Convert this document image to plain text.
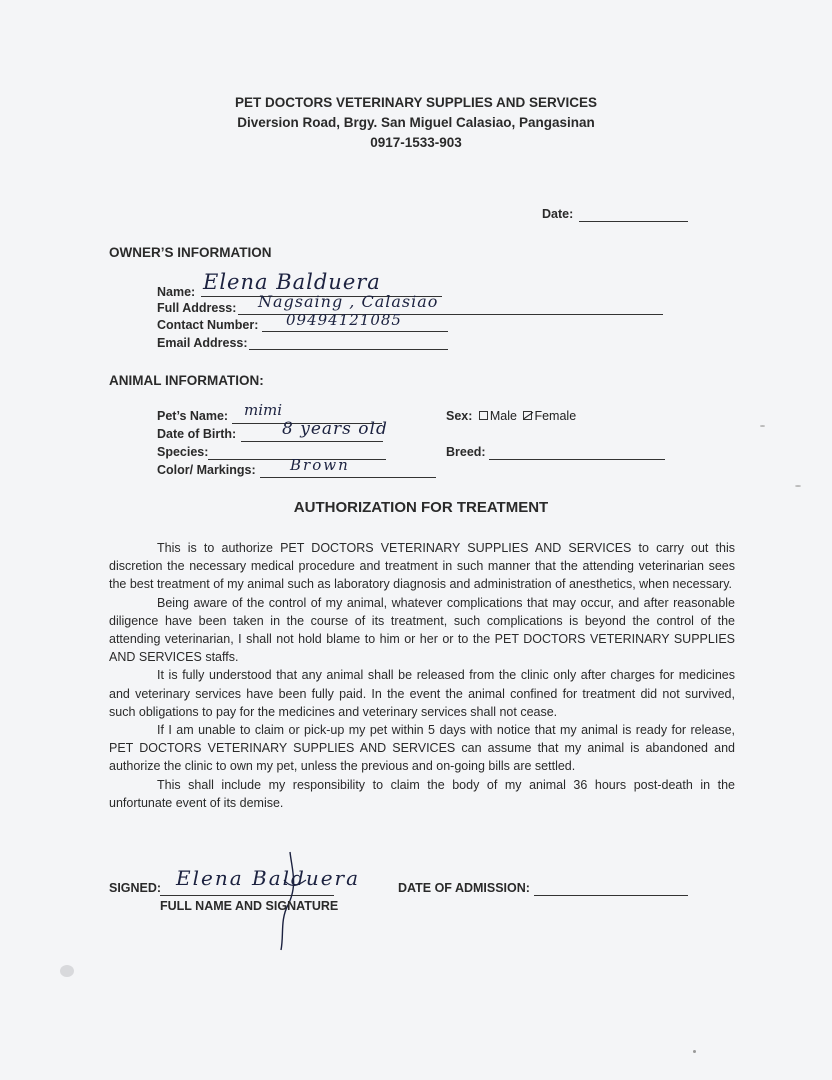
PET DOCTORS VETERINARY SUPPLIES AND SERVICES
Diversion Road, Brgy. San Miguel Calasiao, Pangasinan
0917-1533-903
Date:
OWNER’S INFORMATION
Name: Elena Balduera
Full Address: Nagsaing , Calasiao
Contact Number: 09494121085
Email Address:
ANIMAL INFORMATION:
Pet’s Name: mimi
Date of Birth:	8 years old
Species:
Color/ Markings: Brown
Sex: Male Female
Breed:
AUTHORIZATION FOR TREATMENT

This is to authorize PET DOCTORS VETERINARY SUPPLIES AND SERVICES to carry out this discretion the necessary medical procedure and treatment in such manner that the attending veterinarian sees the best treatment of my animal such as laboratory diagnosis and administration of anesthetics, when necessary.

Being aware of the control of my animal, whatever complications that may occur, and after reasonable diligence have been taken in the course of its treatment, such complications is beyond the control of the attending veterinarian, I shall not hold blame to him or her or to the PET DOCTORS VETERINARY SUPPLIES AND SERVICES staffs.

It is fully understood that any animal shall be released from the clinic only after charges for medicines and veterinary services have been fully paid. In the event the animal confined for treatment did not survived, such obligations to pay for the medicines and veterinary services shall not cease.

If I am unable to claim or pick-up my pet within 5 days with notice that my animal is ready for release, PET DOCTORS VETERINARY SUPPLIES AND SERVICES can assume that my animal is abandoned and authorize the clinic to own my pet, unless the previous and on-going bills are settled.

This shall include my responsibility to claim the body of my animal 36 hours post-death in the unfortunate event of its demise.

SIGNED: Elena Balduera
FULL NAME AND SIGNATURE
DATE OF ADMISSION:
